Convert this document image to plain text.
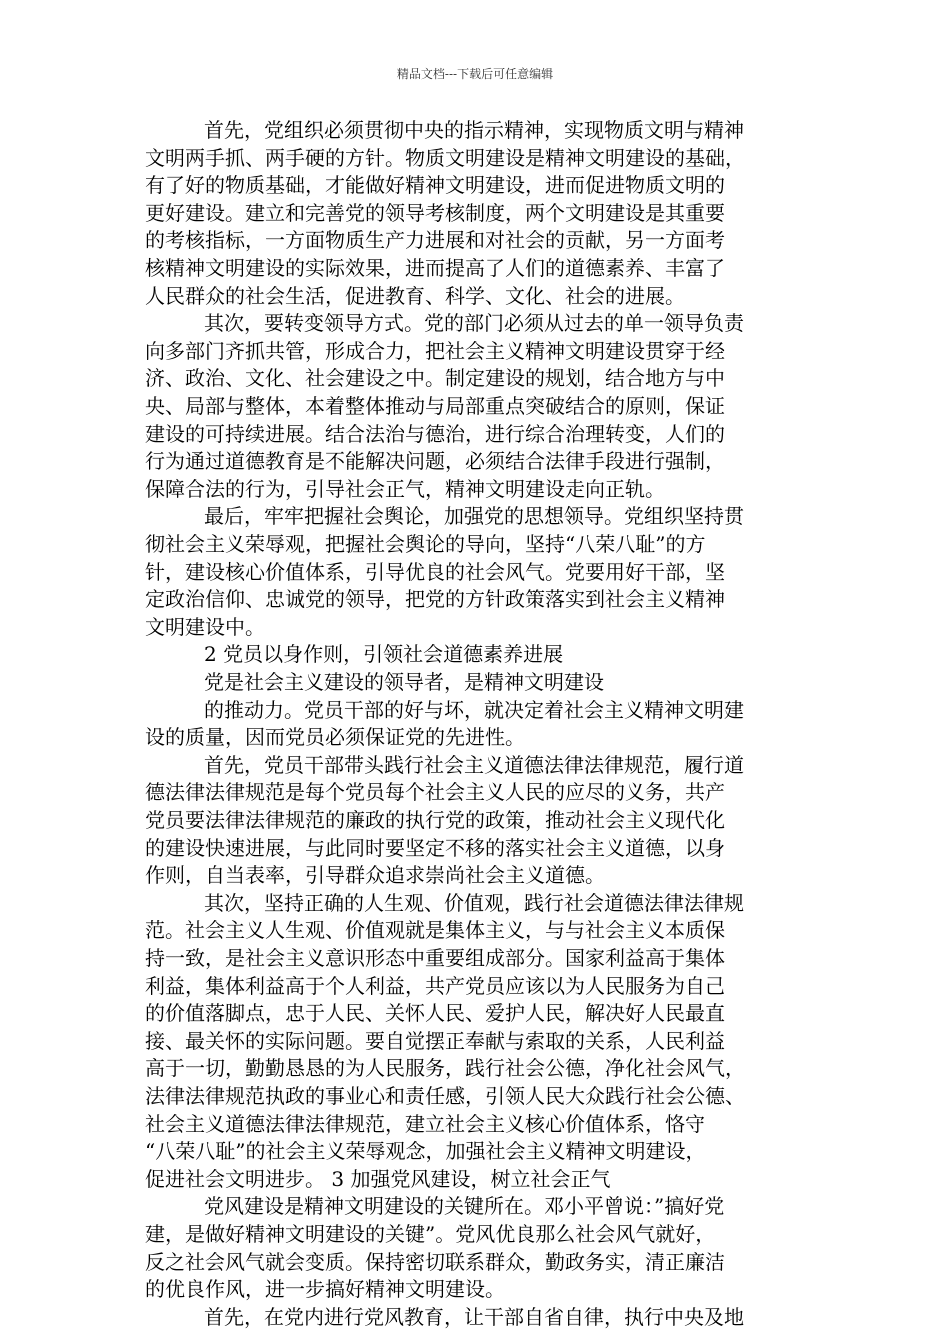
精品文档---下载后可任意编辑
首先，党组织必须贯彻中央的指示精神，实现物质文明与精神
文明两手抓、两手硬的方针。物质文明建设是精神文明建设的基础，
有了好的物质基础，才能做好精神文明建设，进而促进物质文明的
更好建设。建立和完善党的领导考核制度，两个文明建设是其重要
的考核指标，一方面物质生产力进展和对社会的贡献，另一方面考
核精神文明建设的实际效果，进而提高了人们的道德素养、丰富了
人民群众的社会生活，促进教育、科学、文化、社会的进展。
其次，要转变领导方式。党的部门必须从过去的单一领导负责
向多部门齐抓共管，形成合力，把社会主义精神文明建设贯穿于经
济、政治、文化、社会建设之中。制定建设的规划，结合地方与中
央、局部与整体，本着整体推动与局部重点突破结合的原则，保证
建设的可持续进展。结合法治与德治，进行综合治理转变，人们的
行为通过道德教育是不能解决问题，必须结合法律手段进行强制，
保障合法的行为，引导社会正气，精神文明建设走向正轨。
最后，牢牢把握社会舆论，加强党的思想领导。党组织坚持贯
彻社会主义荣辱观，把握社会舆论的导向，坚持“八荣八耻”的方
针，建设核心价值体系，引导优良的社会风气。党要用好干部，坚
定政治信仰、忠诚党的领导，把党的方针政策落实到社会主义精神
文明建设中。
2 党员以身作则，引领社会道德素养进展
党是社会主义建设的领导者，是精神文明建设
的推动力。党员干部的好与坏，就决定着社会主义精神文明建
设的质量，因而党员必须保证党的先进性。
首先，党员干部带头践行社会主义道德法律法律规范，履行道
德法律法律规范是每个党员每个社会主义人民的应尽的义务，共产
党员要法律法律规范的廉政的执行党的政策，推动社会主义现代化
的建设快速进展，与此同时要坚定不移的落实社会主义道德，以身
作则，自当表率，引导群众追求崇尚社会主义道德。
其次，坚持正确的人生观、价值观，践行社会道德法律法律规
范。社会主义人生观、价值观就是集体主义，与与社会主义本质保
持一致，是社会主义意识形态中重要组成部分。国家利益高于集体
利益，集体利益高于个人利益，共产党员应该以为人民服务为自己
的价值落脚点，忠于人民、关怀人民、爱护人民，解决好人民最直
接、最关怀的实际问题。要自觉摆正奉献与索取的关系，人民利益
高于一切，勤勤恳恳的为人民服务，践行社会公德，净化社会风气，
法律法律规范执政的事业心和责任感，引领人民大众践行社会公德、
社会主义道德法律法律规范，建立社会主义核心价值体系，恪守
“八荣八耻”的社会主义荣辱观念，加强社会主义精神文明建设，
促进社会文明进步。 3 加强党风建设，树立社会正气
党风建设是精神文明建设的关键所在。邓小平曾说：”搞好党
建，是做好精神文明建设的关键”。党风优良那么社会风气就好，
反之社会风气就会变质。保持密切联系群众，勤政务实，清正廉洁
的优良作风，进一步搞好精神文明建设。
首先，在党内进行党风教育，让干部自省自律，执行中央及地
